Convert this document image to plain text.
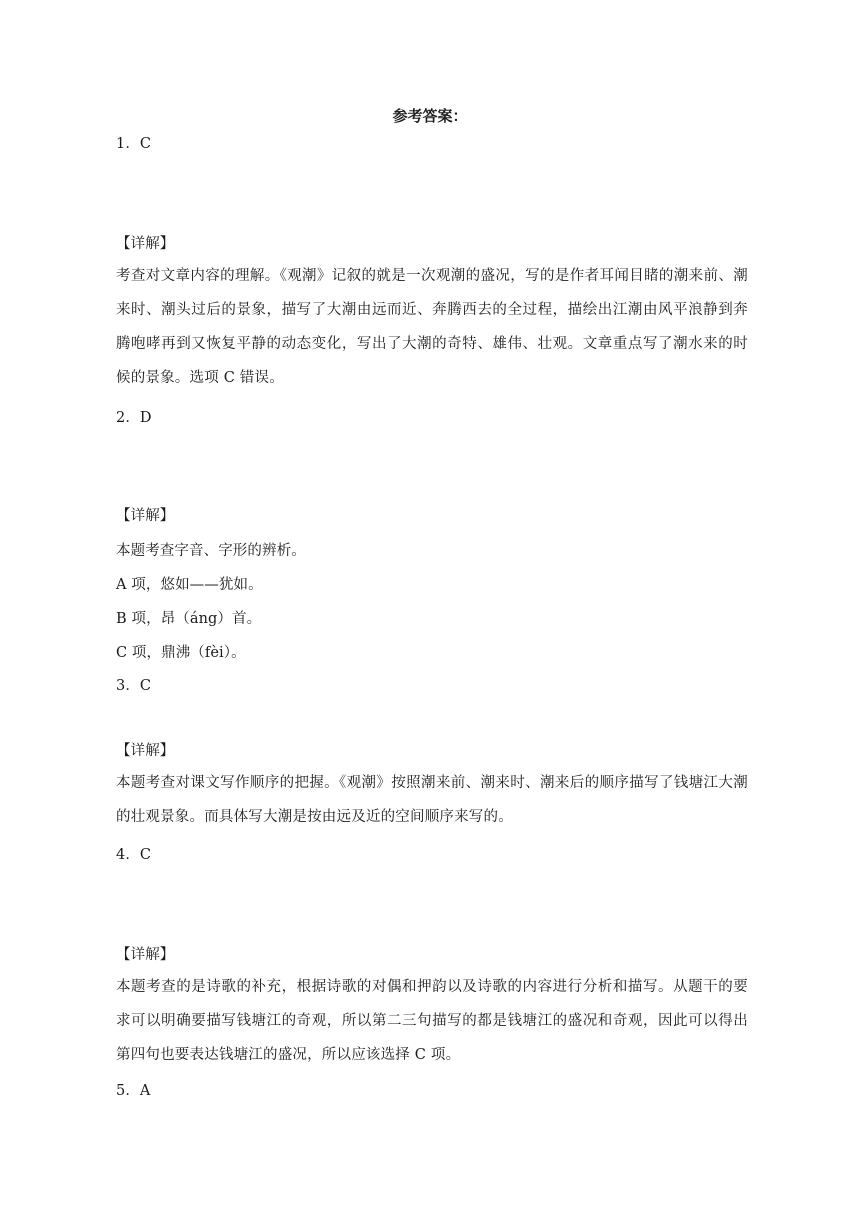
参考答案：
1．C
【详解】
考查对文章内容的理解。《观潮》记叙的就是一次观潮的盛况，写的是作者耳闻目睹的潮来前、潮来时、潮头过后的景象，描写了大潮由远而近、奔腾西去的全过程，描绘出江潮由风平浪静到奔腾咆哮再到又恢复平静的动态变化，写出了大潮的奇特、雄伟、壮观。文章重点写了潮水来的时候的景象。选项 C 错误。
2．D
【详解】
本题考查字音、字形的辨析。
A 项，悠如——犹如。
B 项，昂（áng）首。
C 项，鼎沸（fèi）。
3．C
【详解】
本题考查对课文写作顺序的把握。《观潮》按照潮来前、潮来时、潮来后的顺序描写了钱塘江大潮的壮观景象。而具体写大潮是按由远及近的空间顺序来写的。
4．C
【详解】
本题考查的是诗歌的补充，根据诗歌的对偶和押韵以及诗歌的内容进行分析和描写。从题干的要求可以明确要描写钱塘江的奇观，所以第二三句描写的都是钱塘江的盛况和奇观，因此可以得出第四句也要表达钱塘江的盛况，所以应该选择 C 项。
5．A
